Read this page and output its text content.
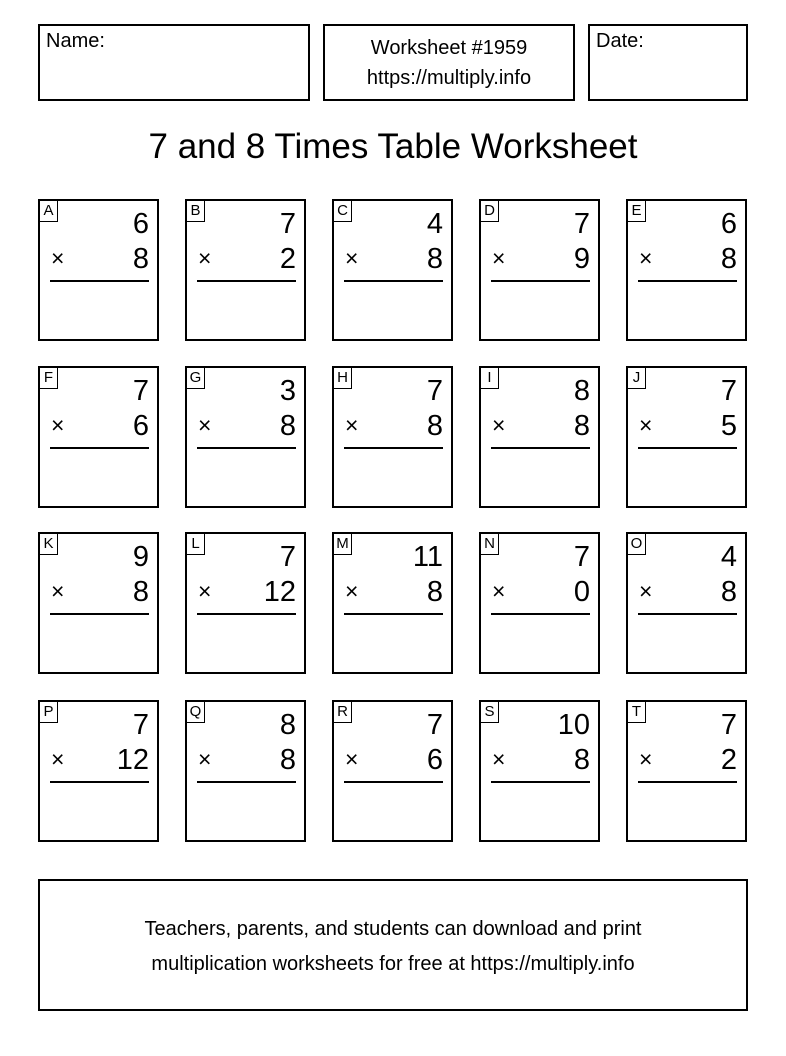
Name:	Worksheet #1959
https://multiply.info
Date:
7 and 8 Times Table Worksheet
A	6
× 8
B	7
× 2
C	4
× 8
D	7
× 9
E	6
× 8
F	7
× 6
G	3
× 8
H	7
× 8
I	8
× 8
J	7
× 5
K	9
× 8
L	7
× 12
M 11
× 8
N	7
× 0
O	4
× 8
P	7
× 12
Q	8
× 8
R	7
× 6
S 10
× 8
T	7
× 2
Teachers, parents, and students can download and print
multiplication worksheets for free at https://multiply.info
